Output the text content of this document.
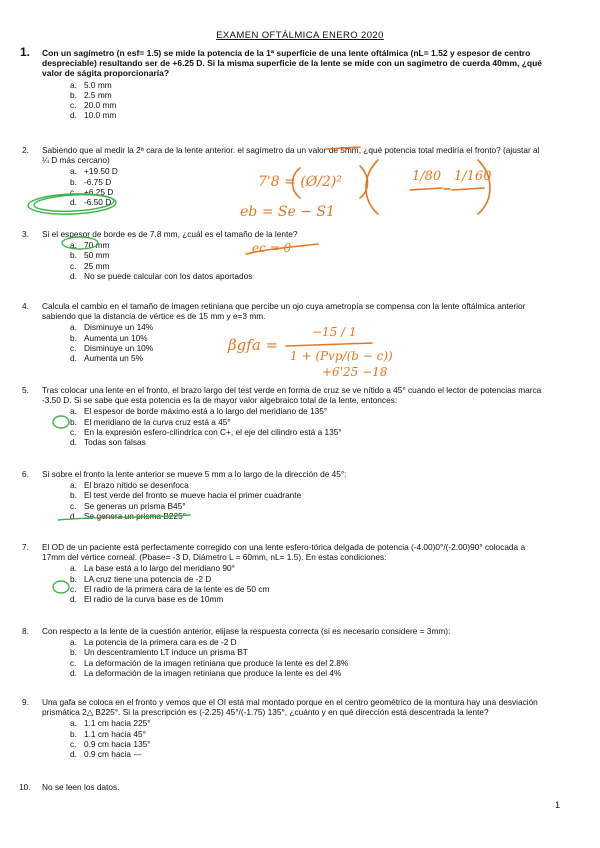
EXAMEN OFTÁLMICA ENERO 2020
1. Con un sagímetro (n esf= 1.5) se mide la potencia de la 1ª superficie de una lente oftálmica (nL= 1.52 y espesor de centro despreciable) resultando ser de +6.25 D. Si la misma superficie de la lente se mide con un sagímetro de cuerda 40mm, ¿qué valor de ságita proporcionaría?
a. 5.0 mm
b. 2.5 mm
c. 20.0 mm
d. 10.0 mm
2. Sabiendo que al medir la 2ª cara de la lente anterior. el sagímetro da un valor de 5mm, ¿qué potencia total mediría el fronto? (ajustar al ¼ D más cercano)
a. +19.50 D
b. -6.75 D
c. +6.25 D
d. -6.50 D
3. Si el espesor de borde es de 7.8 mm, ¿cuál es el tamaño de la lente?
a. 70 mm
b. 50 mm
c. 25 mm
d. No se puede calcular con los datos aportados
4. Calcula el cambio en el tamaño de imagen retiniana que percibe un ojo cuya ametropía se compensa con la lente oftálmica anterior sabiendo que la distancia de vértice es de 15 mm y e=3 mm.
a. Disminuye un 14%
b. Aumenta un 10%
c. Disminuye un 10%
d. Aumenta un 5%
5. Tras colocar una lente en el fronto, el brazo largo del test verde en forma de cruz se ve nítido a 45° cuando el lector de potencias marca -3.50 D. Si se sabe que esta potencia es la de mayor valor algebraico total de la lente, entonces:
a. El espesor de borde máximo está a lo largo del meridiano de 135°
b. El meridiano de la curva cruz está a 45°
c. En la expresión esfero-cilíndrica con C+, el eje del cilindro está a 135°
d. Todas son falsas
6. Si sobre el fronto la lente anterior se mueve 5 mm a lo largo de la dirección de 45°:
a. El brazo nítido se desenfoca
b. El test verde del fronto se mueve hacia el primer cuadrante
c. Se generas un prisma B45°
d. Se genera un prisma B225°
7. El OD de un paciente está perfectamente corregido con una lente esfero-tórica delgada de potencia (-4.00)0°/(-2.00)90° colocada a 17mm del vértice corneal. (Pbase= -3 D, Diámetro L = 60mm, nL= 1.5). En estas condiciones:
a. La base está a lo largo del meridiano 90°
b. LA cruz tiene una potencia de -2 D
c. El radio de la primera cara de la lente es de 50 cm
d. El radio de la curva base es de 10mm
8. Con respecto a la lente de la cuestión anterior, elijase la respuesta correcta (si es necesario considere = 3mm):
a. La potencia de la primera cara es de -2 D
b. Un descentramiento LT induce un prisma BT
c. La deformación de la imagen retiniana que produce la lente es del 2.8%
d. La deformación de la imagen retiniana que produce la lente es del 4%
9. Una gafa se coloca en el fronto y vemos que el OI está mal montado porque en el centro geométrico de la montura hay una desviación prismática 2△ B225°. Si la prescripción es (-2.25) 45°/(-1.75) 135°, ¿cuánto y en qué dirección está descentrada la lente?
a. 1.1 cm hacia 225°
b. 1.1 cm hacia 45°
c. 0.9 cm hacia 135°
d. 0.9 cm hacia ---
10. No se leen los datos.
1
7'8 = (Ø/2)²	1/80 1/160
eb = Se − S1
ec = 0
βgfa =
−15 / 1
1 + (Pvp/(b − c))
+6'25 −18
